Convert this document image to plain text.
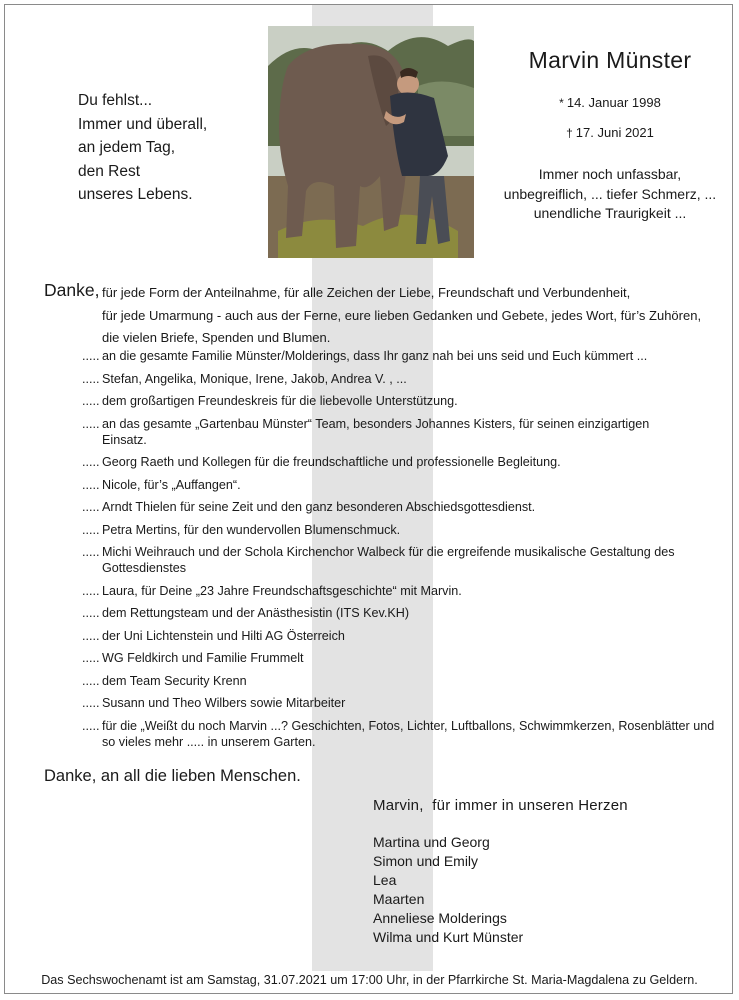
Du fehlst...
Immer und überall,
an jedem Tag,
den Rest
unseres Lebens.
Marvin Münster
* 14. Januar 1998
† 17. Juni 2021
Immer noch unfassbar,
unbegreiflich, ... tiefer Schmerz, ...
unendliche Traurigkeit ...
Danke, für jede Form der Anteilnahme, für alle Zeichen der Liebe, Freundschaft und Verbundenheit,
für jede Umarmung - auch aus der Ferne, eure lieben Gedanken und Gebete, jedes Wort, für’s Zuhören,
die vielen Briefe, Spenden und Blumen.
..... an die gesamte Familie Münster/Molderings, dass Ihr ganz nah bei uns seid und Euch kümmert ...
..... Stefan, Angelika, Monique, Irene, Jakob, Andrea V. , ...
..... dem großartigen Freundeskreis für die liebevolle Unterstützung.
..... an das gesamte „Gartenbau Münster“ Team, besonders Johannes Kisters, für seinen einzigartigen Einsatz.
..... Georg Raeth und Kollegen für die freundschaftliche und professionelle Begleitung.
..... Nicole, für’s „Auffangen“.
..... Arndt Thielen für seine Zeit und den ganz besonderen Abschiedsgottesdienst.
..... Petra Mertins, für den wundervollen Blumenschmuck.
..... Michi Weihrauch und der Schola Kirchenchor Walbeck für die ergreifende musikalische Gestaltung des Gottesdienstes
..... Laura, für Deine „23 Jahre Freundschaftsgeschichte“ mit Marvin.
..... dem Rettungsteam und der Anästhesistin (ITS Kev.KH)
..... der Uni Lichtenstein und Hilti AG Österreich
..... WG Feldkirch und Familie Frummelt
..... dem Team Security Krenn
..... Susann und Theo Wilbers sowie Mitarbeiter
..... für die „Weißt du noch Marvin ...? Geschichten, Fotos, Lichter, Luftballons, Schwimmkerzen, Rosenblätter und so vieles mehr ..... in unserem Garten.
Danke, an all die lieben Menschen.
Marvin,  für immer in unseren Herzen
Martina und Georg
Simon und Emily
Lea
Maarten
Anneliese Molderings
Wilma und Kurt Münster
Das Sechswochenamt ist am Samstag, 31.07.2021 um 17:00 Uhr, in der Pfarrkirche St. Maria-Magdalena zu Geldern.
